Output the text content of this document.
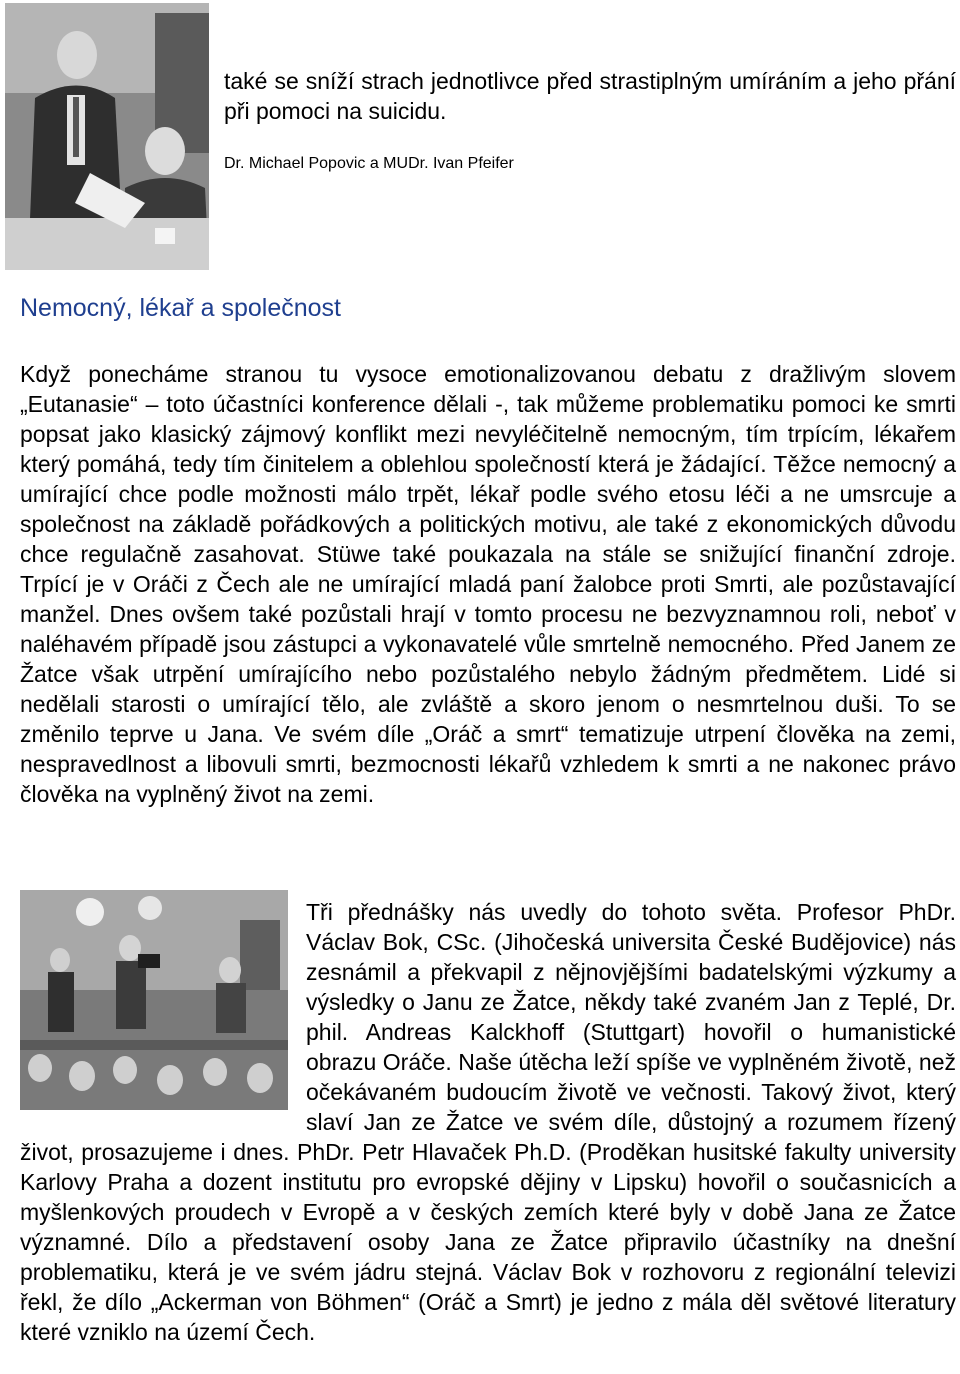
také se sníží strach jednotlivce před strastiplným umíráním a jeho přání při pomoci na suicidu.

Dr. Michael Popovic a MUDr. Ivan Pfeifer
Nemocný, lékař a společnost

Když ponecháme stranou tu vysoce emotionalizovanou debatu z dražlivým slovem „Eutanasie“ – toto účastníci konference dělali -, tak můžeme problematiku pomoci ke smrti popsat jako klasický zájmový konflikt mezi nevyléčitelně nemocným, tím trpícím, lékařem který pomáhá, tedy tím činitelem a oblehlou společností která je žádající. Těžce nemocný a umírající chce podle možnosti málo trpět, lékař podle svého etosu léči a ne umsrcuje a společnost na základě pořádkových a politických motivu, ale také z ekonomických důvodu chce regulačně zasahovat. Stüwe také poukazala na stále se snižující finanční zdroje. Trpící je v Oráči z Čech ale ne umírající mladá paní žalobce proti Smrti, ale pozůstavající manžel. Dnes ovšem také pozůstali hrají v tomto procesu ne bezvyznamnou roli, neboť v naléhavém případě jsou zástupci a vykonavatelé vůle smrtelně nemocného. Před Janem ze Žatce však utrpění umírajícího nebo pozůstalého nebylo žádným předmětem. Lidé si nedělali starosti o umírající tělo, ale zvláště a skoro jenom o nesmrtelnou duši. To se změnilo teprve u Jana. Ve svém díle „Oráč a smrt“ tematizuje utrpení člověka na zemi, nespravedlnost a libovuli smrti, bezmocnosti lékařů vzhledem k smrti a ne nakonec právo člověka na vyplněný život na zemi.

Tři přednášky nás uvedly do tohoto světa. Profesor PhDr. Václav Bok, CSc. (Jihočeská universita České Budějovice) nás zesnámil a překvapil z nějnovjějšími badatelskými výzkumy a výsledky o Janu ze Žatce, někdy také zvaném Jan z Teplé, Dr. phil. Andreas Kalckhoff (Stuttgart) hovořil o humanistické obrazu Oráče. Naše útěcha leží spíše ve vyplněném životě, než očekávaném budoucím životě ve večnosti. Takový život, který slaví Jan ze Žatce ve svém díle, důstojný a rozumem řízený život, prosazujeme i dnes. PhDr. Petr Hlavaček Ph.D. (Proděkan husitské fakulty university Karlovy Praha a dozent institutu pro evropské dějiny v Lipsku) hovořil o současnicích a myšlenkových proudech v Evropě a v českých zemích které byly v době Jana ze Žatce významné. Dílo a představení osoby Jana ze Žatce připravilo účastníky na dnešní problematiku, která je ve svém jádru stejná. Václav Bok v rozhovoru z regionální televizi řekl, že dílo „Ackerman von Böhmen“ (Oráč a Smrt) je jedno z mála děl světové literatury které vzniklo na území Čech.
